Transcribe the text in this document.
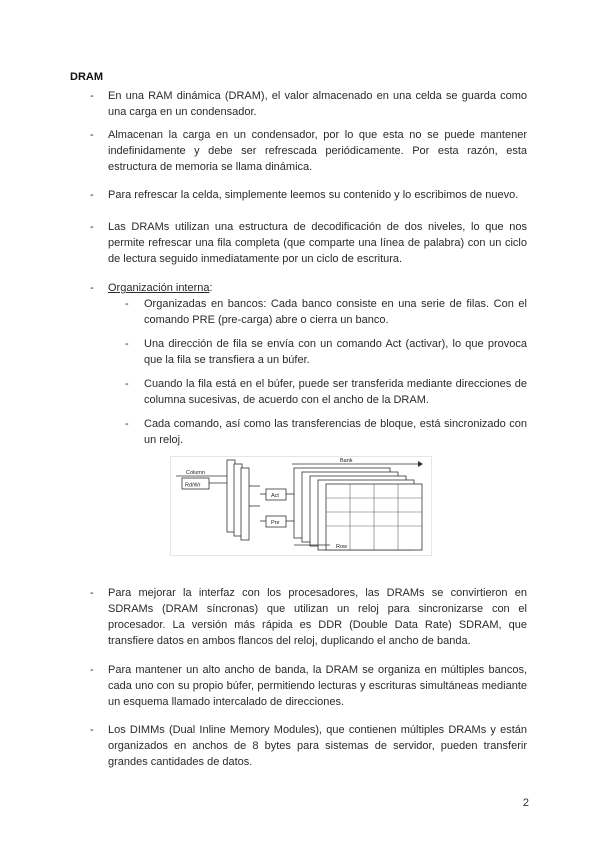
DRAM
-	En una RAM dinámica (DRAM), el valor almacenado en una celda se guarda como una carga en un condensador.
-	Almacenan la carga en un condensador, por lo que esta no se puede mantener indefinidamente y debe ser refrescada periódicamente. Por esta razón, esta estructura de memoria se llama dinámica.
-	Para refrescar la celda, simplemente leemos su contenido y lo escribimos de nuevo.
-	Las DRAMs utilizan una estructura de decodificación de dos niveles, lo que nos permite refrescar una fila completa (que comparte una línea de palabra) con un ciclo de lectura seguido inmediatamente por un ciclo de escritura.
-	Organización interna:
-	Organizadas en bancos: Cada banco consiste en una serie de filas. Con el comando PRE (pre-carga) abre o cierra un banco.
-	Una dirección de fila se envía con un comando Act (activar), lo que provoca que la fila se transfiera a un búfer.
-	Cuando la fila está en el búfer, puede ser transferida mediante direcciones de columna sucesivas, de acuerdo con el ancho de la DRAM.
-	Cada comando, así como las transferencias de bloque, está sincronizado con un reloj.
Column
Rd/Wr
Act
Pre
Bank
Row
-	Para mejorar la interfaz con los procesadores, las DRAMs se convirtieron en SDRAMs (DRAM síncronas) que utilizan un reloj para sincronizarse con el procesador. La versión más rápida es DDR (Double Data Rate) SDRAM, que transfiere datos en ambos flancos del reloj, duplicando el ancho de banda.
-	Para mantener un alto ancho de banda, la DRAM se organiza en múltiples bancos, cada uno con su propio búfer, permitiendo lecturas y escrituras simultáneas mediante un esquema llamado intercalado de direcciones.
-	Los DIMMs (Dual Inline Memory Modules), que contienen múltiples DRAMs y están organizados en anchos de 8 bytes para sistemas de servidor, pueden transferir grandes cantidades de datos.
2
